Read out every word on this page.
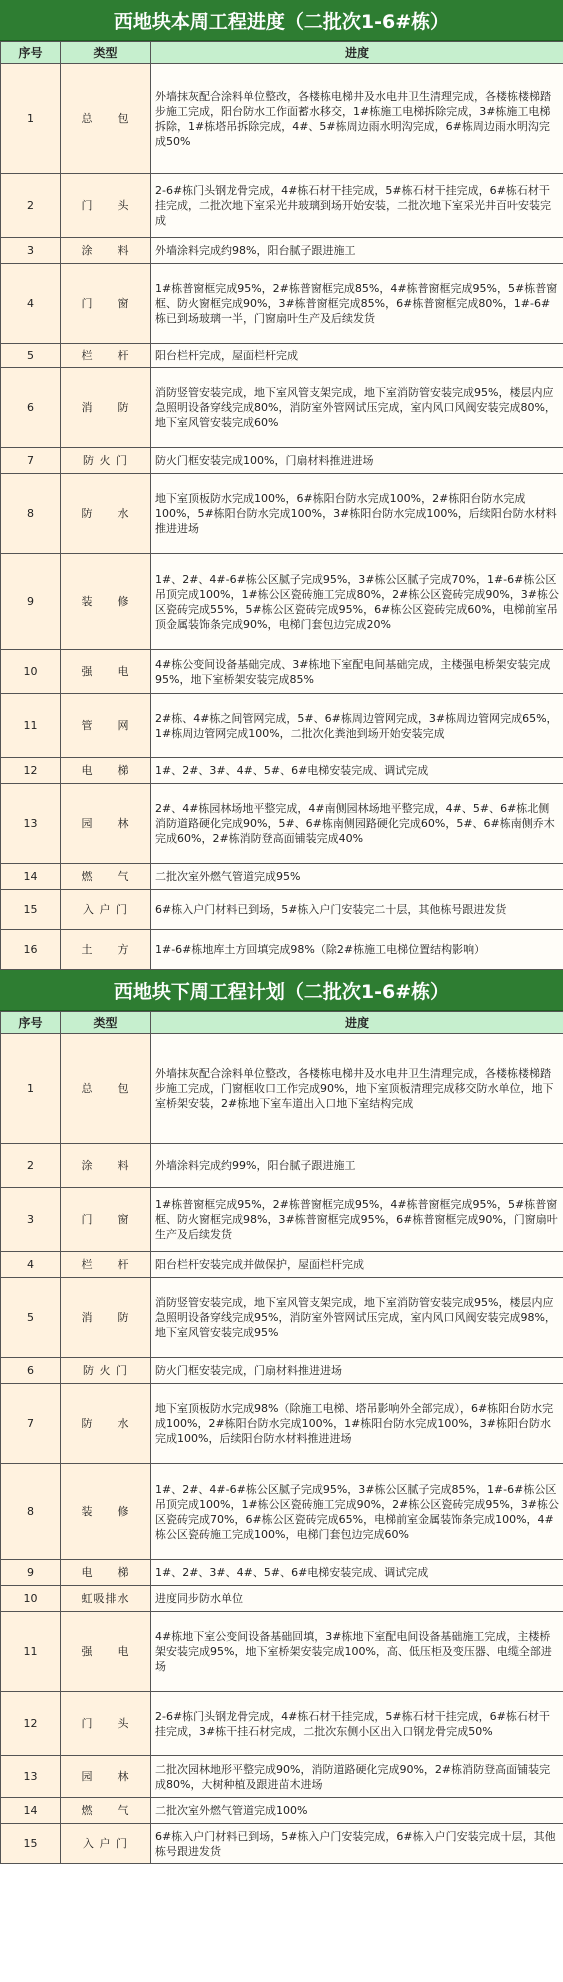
西地块本周工程进度（二批次1-6#栋）
序号	类型	进度
1	总　　包	外墙抹灰配合涂料单位整改，各楼栋电梯井及水电井卫生清理完成，各楼栋楼梯踏步施工完成，阳台防水工作面蓄水移交，1#栋施工电梯拆除完成，3#栋施工电梯拆除，1#栋塔吊拆除完成，4#、5#栋周边雨水明沟完成，6#栋周边雨水明沟完成50%
2	门　　头	2-6#栋门头钢龙骨完成，4#栋石材干挂完成，5#栋石材干挂完成，6#栋石材干挂完成，二批次地下室采光井玻璃到场开始安装，二批次地下室采光井百叶安装完成
3	涂　　料	外墙涂料完成约98%，阳台腻子跟进施工
4	门　　窗	1#栋普窗框完成95%，2#栋普窗框完成85%，4#栋普窗框完成95%，5#栋普窗框、防火窗框完成90%，3#栋普窗框完成85%，6#栋普窗框完成80%，1#-6#栋已到场玻璃一半，门窗扇叶生产及后续发货
5	栏　　杆	阳台栏杆完成，屋面栏杆完成
6	消　　防	消防竖管安装完成，地下室风管支架完成，地下室消防管安装完成95%，楼层内应急照明设备穿线完成80%，消防室外管网试压完成，室内风口风阀安装完成80%，地下室风管安装完成60%
7	防 火 门	防火门框安装完成100%，门扇材料推进进场
8	防　　水	地下室顶板防水完成100%，6#栋阳台防水完成100%，2#栋阳台防水完成100%，5#栋阳台防水完成100%，3#栋阳台防水完成100%，后续阳台防水材料推进进场
9	装　　修	1#、2#、4#-6#栋公区腻子完成95%，3#栋公区腻子完成70%，1#-6#栋公区吊顶完成100%，1#栋公区瓷砖施工完成80%，2#栋公区瓷砖完成90%，3#栋公区瓷砖完成55%，5#栋公区瓷砖完成95%，6#栋公区瓷砖完成60%，电梯前室吊顶金属装饰条完成90%，电梯门套包边完成20%
10	强　　电	4#栋公变间设备基础完成、3#栋地下室配电间基础完成，主楼强电桥架安装完成95%，地下室桥架安装完成85%
11	管　　网	2#栋、4#栋之间管网完成，5#、6#栋周边管网完成，3#栋周边管网完成65%，1#栋周边管网完成100%，二批次化粪池到场开始安装完成
12	电　　梯	1#、2#、3#、4#、5#、6#电梯安装完成、调试完成
13	园　　林	2#、4#栋园林场地平整完成，4#南侧园林场地平整完成，4#、5#、6#栋北侧消防道路硬化完成90%，5#、6#栋南侧园路硬化完成60%，5#、6#栋南侧乔木完成60%，2#栋消防登高面铺装完成40%
14	燃　　气	二批次室外燃气管道完成95%
15	入 户 门	6#栋入户门材料已到场，5#栋入户门安装完二十层，其他栋号跟进发货
16	土　　方	1#-6#栋地库土方回填完成98%（除2#栋施工电梯位置结构影响）
西地块下周工程计划（二批次1-6#栋）
序号	类型	进度
1	总　　包	外墙抹灰配合涂料单位整改，各楼栋电梯井及水电井卫生清理完成，各楼栋楼梯踏步施工完成，门窗框收口工作完成90%，地下室顶板清理完成移交防水单位，地下室桥架安装，2#栋地下室车道出入口地下室结构完成
2	涂　　料	外墙涂料完成约99%，阳台腻子跟进施工
3	门　　窗	1#栋普窗框完成95%，2#栋普窗框完成95%，4#栋普窗框完成95%，5#栋普窗框、防火窗框完成98%，3#栋普窗框完成95%，6#栋普窗框完成90%，门窗扇叶生产及后续发货
4	栏　　杆	阳台栏杆安装完成并做保护，屋面栏杆完成
5	消　　防	消防竖管安装完成，地下室风管支架完成，地下室消防管安装完成95%，楼层内应急照明设备穿线完成95%，消防室外管网试压完成，室内风口风阀安装完成98%，地下室风管安装完成95%
6	防 火 门	防火门框安装完成，门扇材料推进进场
7	防　　水	地下室顶板防水完成98%（除施工电梯、塔吊影响外全部完成），6#栋阳台防水完成100%，2#栋阳台防水完成100%，1#栋阳台防水完成100%，3#栋阳台防水完成100%，后续阳台防水材料推进进场
8	装　　修	1#、2#、4#-6#栋公区腻子完成95%，3#栋公区腻子完成85%，1#-6#栋公区吊顶完成100%，1#栋公区瓷砖施工完成90%，2#栋公区瓷砖完成95%，3#栋公区瓷砖完成70%，6#栋公区瓷砖完成65%，电梯前室金属装饰条完成100%，4#栋公区瓷砖施工完成100%，电梯门套包边完成60%
9	电　　梯	1#、2#、3#、4#、5#、6#电梯安装完成、调试完成
10	虹吸排水	进度同步防水单位
11	强　　电	4#栋地下室公变间设备基础回填，3#栋地下室配电间设备基础施工完成，主楼桥架安装完成95%，地下室桥架安装完成100%，高、低压柜及变压器、电缆全部进场
12	门　　头	2-6#栋门头钢龙骨完成，4#栋石材干挂完成，5#栋石材干挂完成，6#栋石材干挂完成，3#栋干挂石材完成，二批次东侧小区出入口钢龙骨完成50%
13	园　　林	二批次园林地形平整完成90%，消防道路硬化完成90%，2#栋消防登高面铺装完成80%，大树种植及跟进苗木进场
14	燃　　气	二批次室外燃气管道完成100%
15	入 户 门	6#栋入户门材料已到场，5#栋入户门安装完成，6#栋入户门安装完成十层，其他栋号跟进发货
